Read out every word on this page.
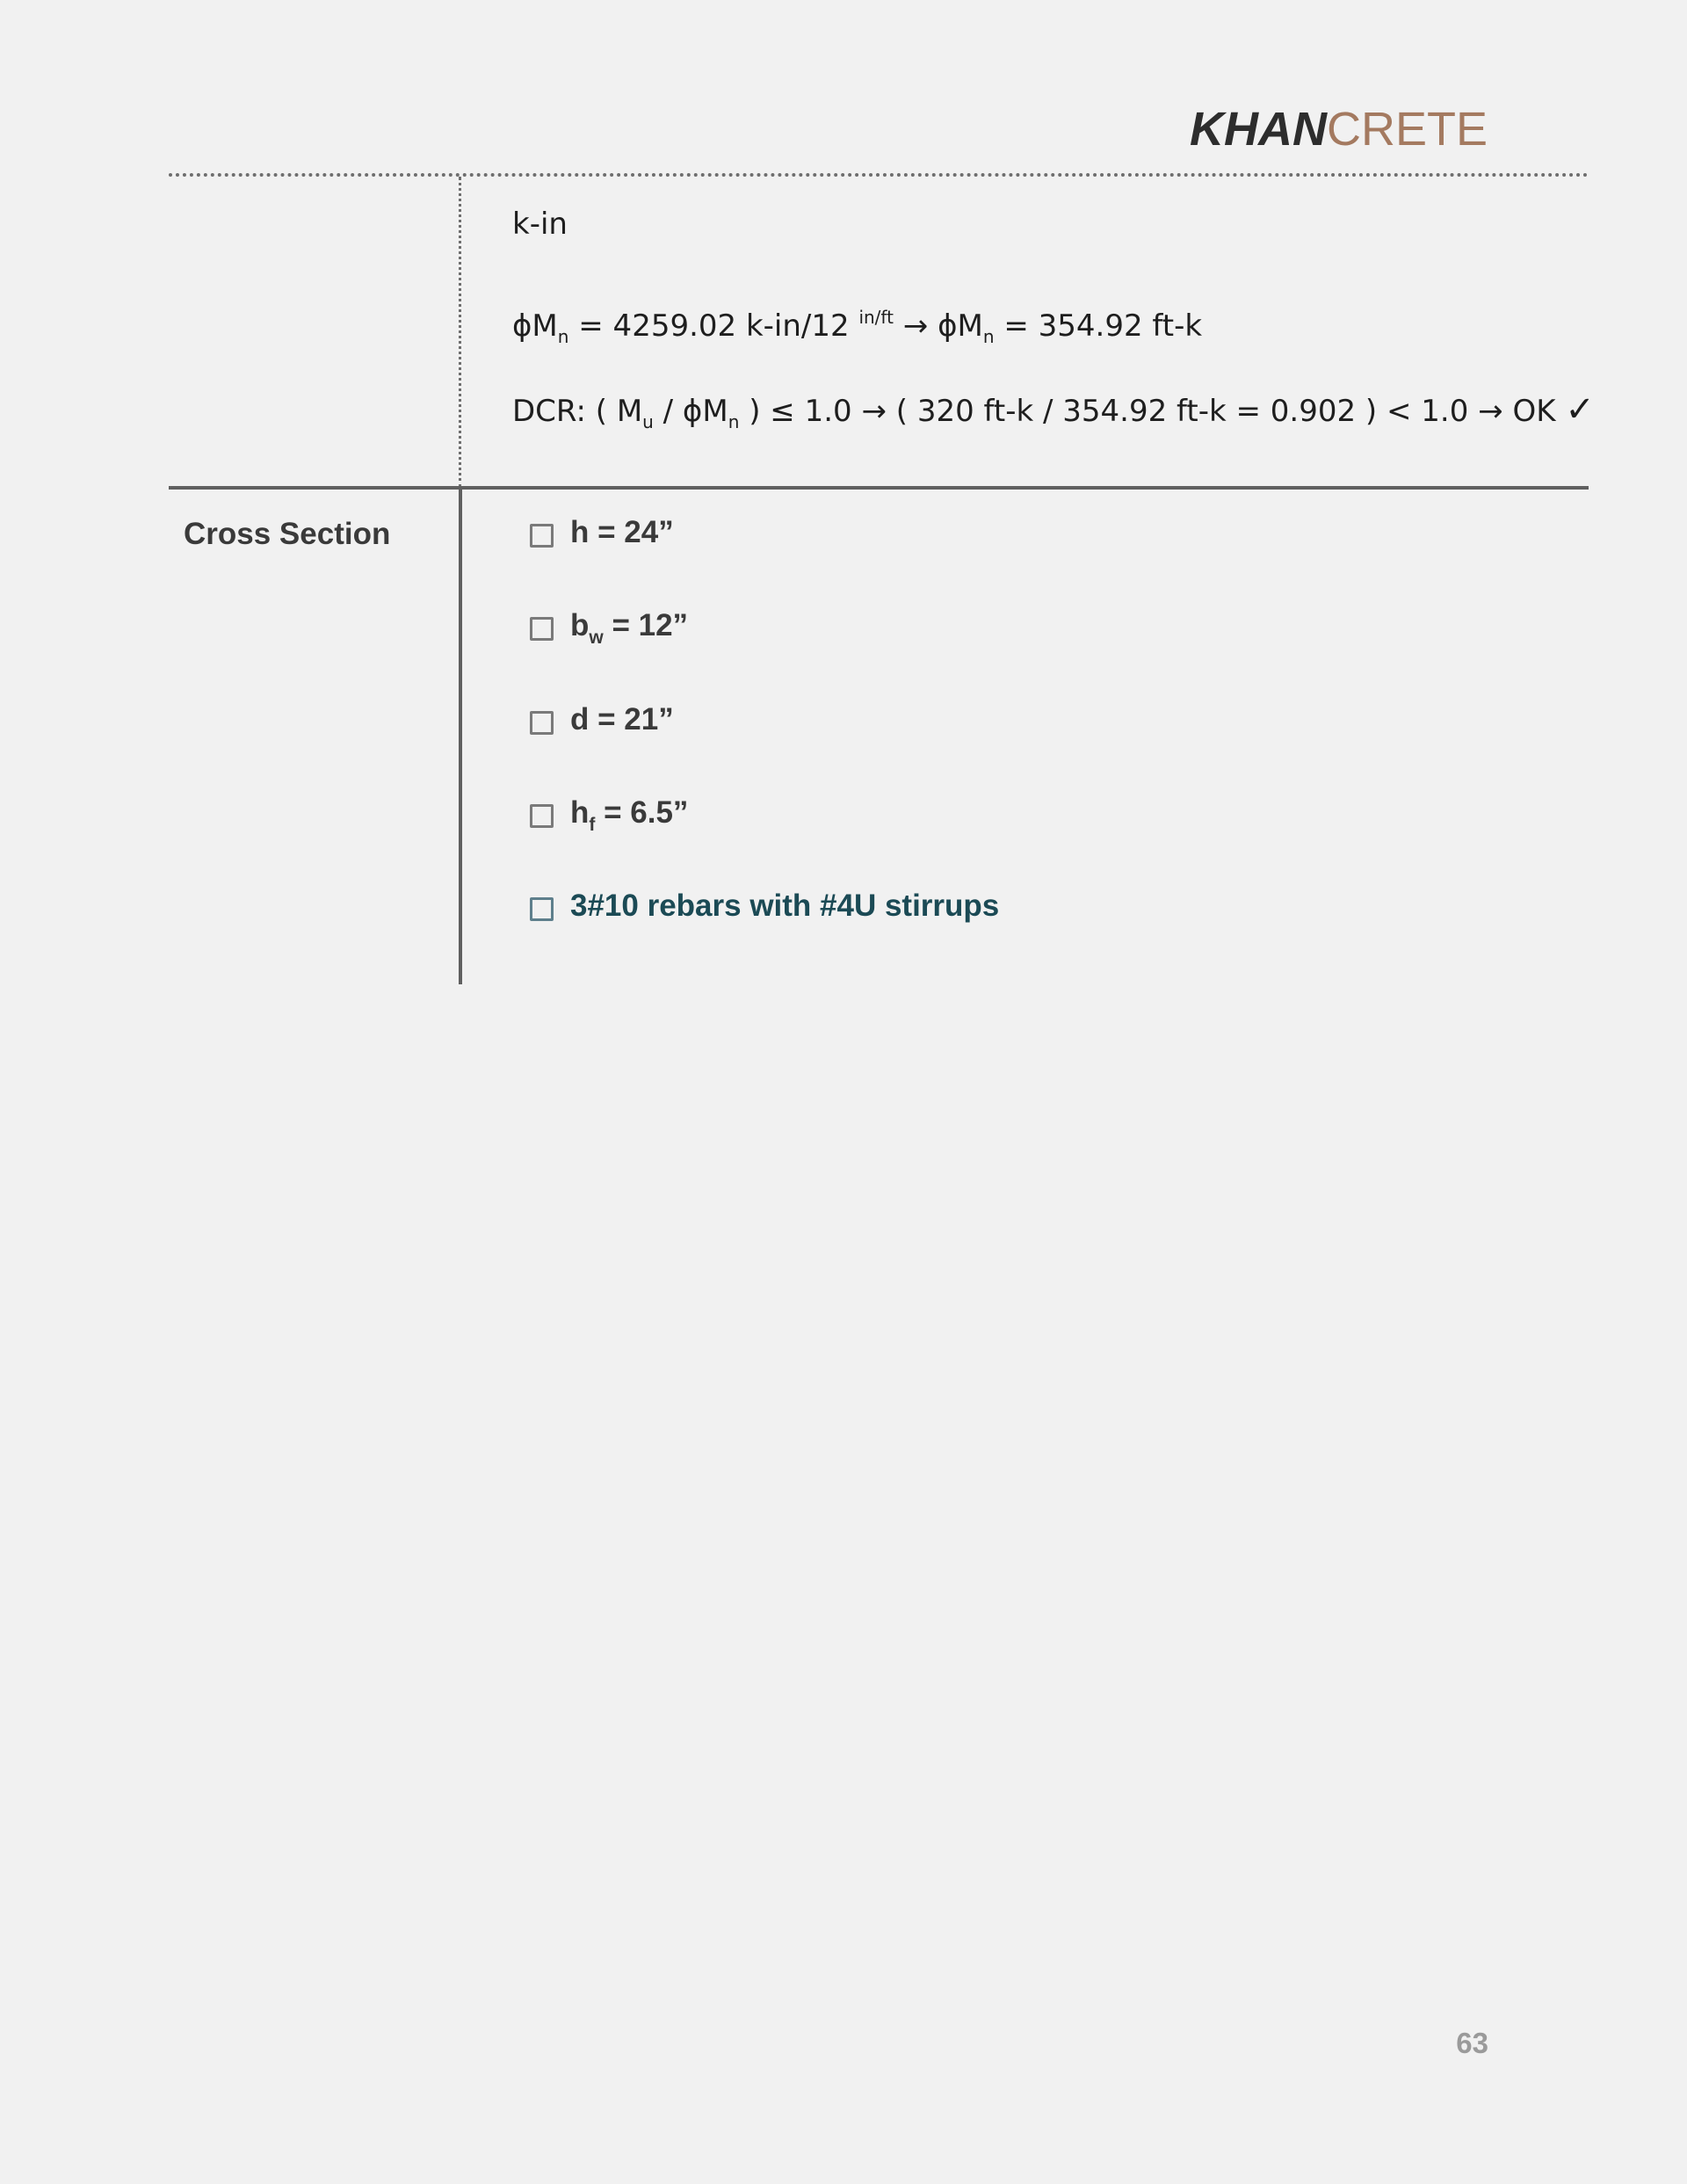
KHANCRETE
k-in
$\phi M_n = 4259.02$ k-in/12 $^{in/ft} \to \phi M_n = 354.92$ ft-k
DCR: ( $M_u / \phi M_n$ ) ≤ 1.0 → ( 320 ft-k / 354.92 ft-k = 0.902 ) < 1.0 → OK ✓
Cross Section	h = 24”
$b_w = 12$”
d = 21”
$h_f = 6.5$”
3#10 rebars with #4U stirrups
63
